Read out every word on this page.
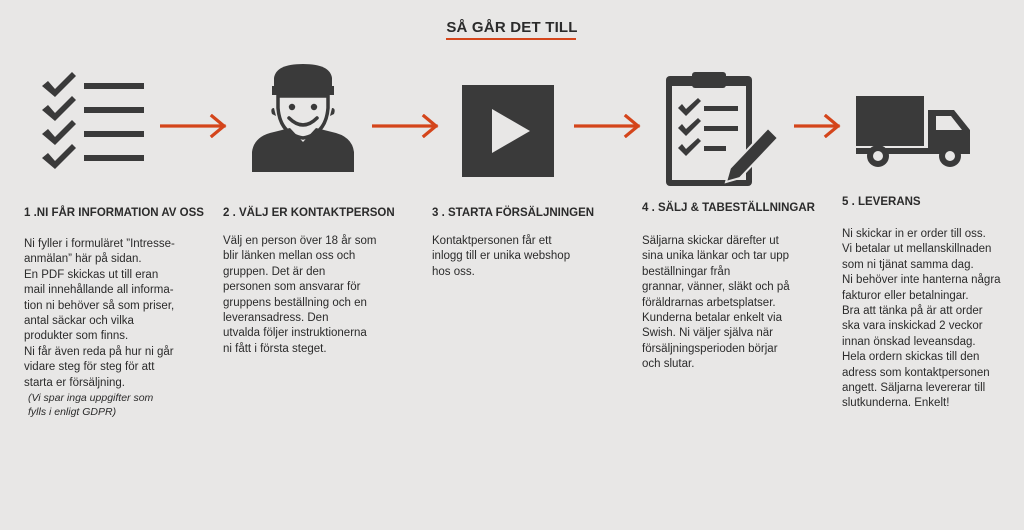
SÅ GÅR DET TILL
1 .NI FÅR INFORMATION AV OSS

Ni fyller i formuläret ”Intresse-

anmälan” här på sidan.

En PDF skickas ut till eran

mail innehållande all informa-

tion ni behöver så som priser,

antal säckar och vilka

produkter som finns.

Ni får även reda på hur ni går

vidare steg för steg för att

starta er försäljning.

(Vi spar inga uppgifter som

fylls i enligt GDPR)

2 . VÄLJ ER KONTAKTPERSON

Välj en person över 18 år som

blir länken mellan oss och

gruppen. Det är den

personen som ansvarar för

gruppens beställning och en

leveransadress. Den

utvalda följer instruktionerna

ni fått i första steget.

3 . STARTA FÖRSÄLJNINGEN

Kontaktpersonen får ett

inlogg till er unika webshop

hos oss.

4 . SÄLJ & TABESTÄLLNINGAR

Säljarna skickar därefter ut

sina unika länkar och tar upp

beställningar från

grannar, vänner, släkt och på

föräldrarnas arbetsplatser.

Kunderna betalar enkelt via

Swish. Ni väljer själva när

försäljningsperioden börjar

och slutar.

5 . LEVERANS

Ni skickar in er order till oss.

Vi betalar ut mellanskillnaden

som ni tjänat samma dag.

Ni behöver inte hanterna några

fakturor eller betalningar.

Bra att tänka på är att order

ska vara inskickad 2 veckor

innan önskad leveansdag.

Hela ordern skickas till den

adress som kontaktpersonen

angett. Säljarna levererar till

slutkunderna. Enkelt!
